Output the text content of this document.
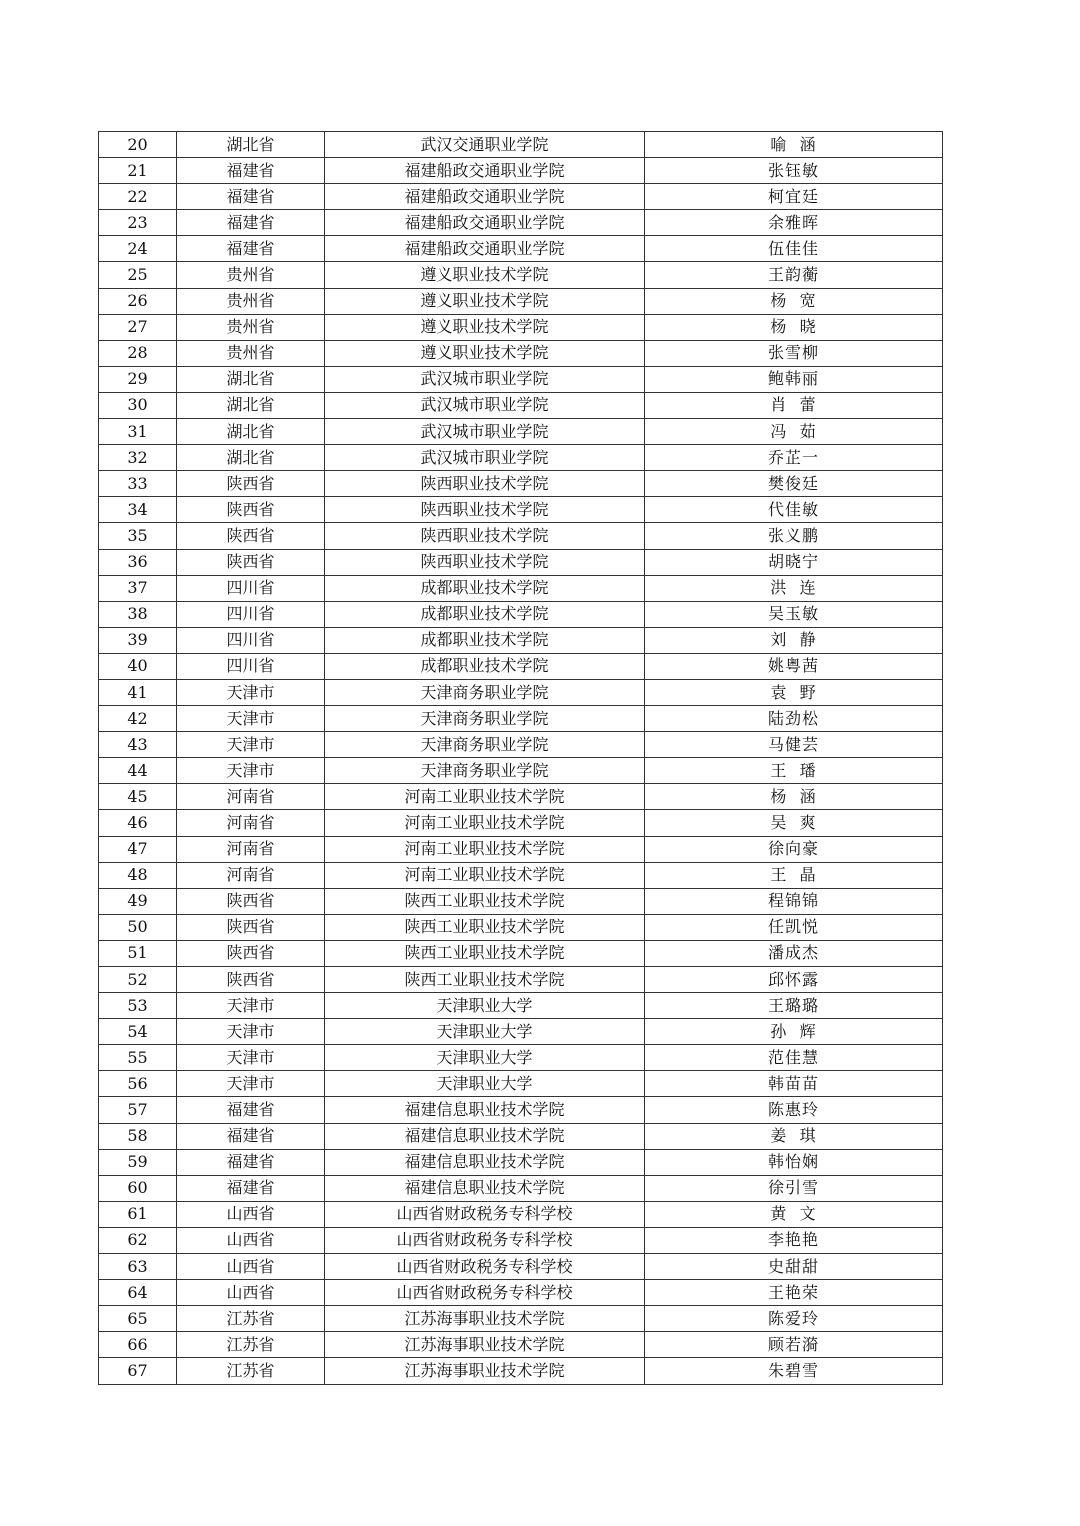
20	湖北省	武汉交通职业学院	喻  涵
21	福建省	福建船政交通职业学院	张钰敏
22	福建省	福建船政交通职业学院	柯宜廷
23	福建省	福建船政交通职业学院	余雅晖
24	福建省	福建船政交通职业学院	伍佳佳
25	贵州省	遵义职业技术学院	王韵蘅
26	贵州省	遵义职业技术学院	杨  宽
27	贵州省	遵义职业技术学院	杨  晓
28	贵州省	遵义职业技术学院	张雪柳
29	湖北省	武汉城市职业学院	鲍韩丽
30	湖北省	武汉城市职业学院	肖  蕾
31	湖北省	武汉城市职业学院	冯  茹
32	湖北省	武汉城市职业学院	乔芷一
33	陕西省	陕西职业技术学院	樊俊廷
34	陕西省	陕西职业技术学院	代佳敏
35	陕西省	陕西职业技术学院	张义鹏
36	陕西省	陕西职业技术学院	胡晓宁
37	四川省	成都职业技术学院	洪  连
38	四川省	成都职业技术学院	吴玉敏
39	四川省	成都职业技术学院	刘  静
40	四川省	成都职业技术学院	姚粤茜
41	天津市	天津商务职业学院	袁  野
42	天津市	天津商务职业学院	陆劲松
43	天津市	天津商务职业学院	马健芸
44	天津市	天津商务职业学院	王  璠
45	河南省	河南工业职业技术学院	杨  涵
46	河南省	河南工业职业技术学院	吴  爽
47	河南省	河南工业职业技术学院	徐向豪
48	河南省	河南工业职业技术学院	王  晶
49	陕西省	陕西工业职业技术学院	程锦锦
50	陕西省	陕西工业职业技术学院	任凯悦
51	陕西省	陕西工业职业技术学院	潘成杰
52	陕西省	陕西工业职业技术学院	邱怀露
53	天津市	天津职业大学	王璐璐
54	天津市	天津职业大学	孙  辉
55	天津市	天津职业大学	范佳慧
56	天津市	天津职业大学	韩苗苗
57	福建省	福建信息职业技术学院	陈惠玲
58	福建省	福建信息职业技术学院	姜  琪
59	福建省	福建信息职业技术学院	韩怡娴
60	福建省	福建信息职业技术学院	徐引雪
61	山西省	山西省财政税务专科学校	黄  文
62	山西省	山西省财政税务专科学校	李艳艳
63	山西省	山西省财政税务专科学校	史甜甜
64	山西省	山西省财政税务专科学校	王艳荣
65	江苏省	江苏海事职业技术学院	陈爱玲
66	江苏省	江苏海事职业技术学院	顾若漪
67	江苏省	江苏海事职业技术学院	朱碧雪
